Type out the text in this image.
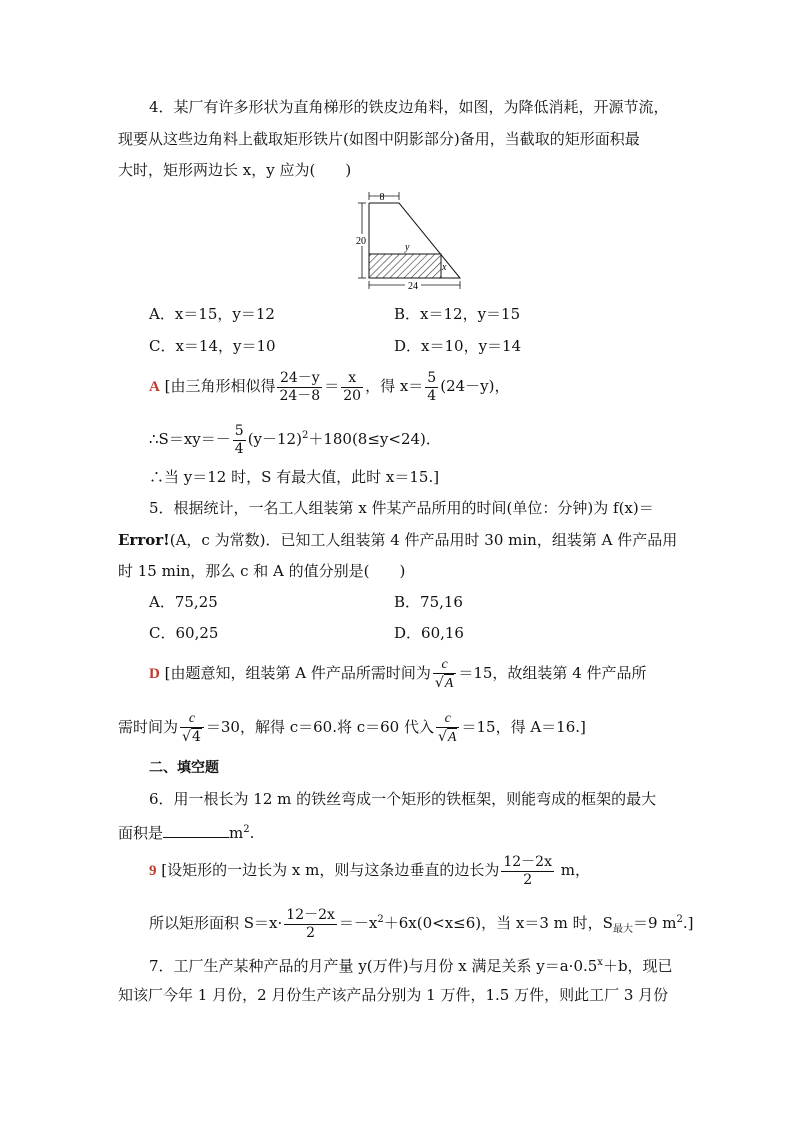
4．某厂有许多形状为直角梯形的铁皮边角料，如图，为降低消耗，开源节流，
现要从这些边角料上截取矩形铁片(如图中阴影部分)备用，当截取的矩形面积最
大时，矩形两边长 x，y 应为(　　)
8
20
y
x
24
A．x＝15，y＝12	B．x＝12，y＝15
C．x＝14，y＝10	D．x＝10，y＝14
A [由三角形相似得 $\frac{24-y}{24-8} = \frac{x}{20}$ ，得 $x= \frac{5}{4} (24-y)$，
∴S＝xy＝－ $\frac{5}{4} (y-12)^2+180(8\le y<24)$．
∴当 y＝12 时，S 有最大值，此时 x＝15.]
5．根据统计，一名工人组装第 x 件某产品所用的时间(单位：分钟)为 f(x)＝
Error!(A，c 为常数)．已知工人组装第 4 件产品用时 30 min，组装第 A 件产品用
时 15 min，那么 c 和 A 的值分别是(　　)
A．75,25	B．75,16
C．60,25	D．60,16
D [由题意知，组装第 A 件产品所需时间为 $\frac{c}{√A} =15$，故组装第 4 件产品所
需时间为 $\frac{c}{√4} =30$，解得 c＝60.将 c＝60 代入 $\frac{c}{√A} =15$，得 A＝16.]
二、填空题
6．用一根长为 12 m 的铁丝弯成一个矩形的铁框架，则能弯成的框架的最大
面积是	$m^2$.
9 [设矩形的一边长为 x m，则与这条边垂直的边长为 $\frac{12-2x}{2}$ m，
所以矩形面积 $S=x\cdot \frac{12-2x}{2} =-x^2+6x(0<x\le 6)$，当 x＝3 m 时，$S_{最大}=9$ $m^2$.]
7．工厂生产某种产品的月产量 y(万件)与月份 x 满足关系 $y=a\cdot 0.5^x+b$，现已
知该厂今年 1 月份，2 月份生产该产品分别为 1 万件，1.5 万件，则此工厂 3 月份
